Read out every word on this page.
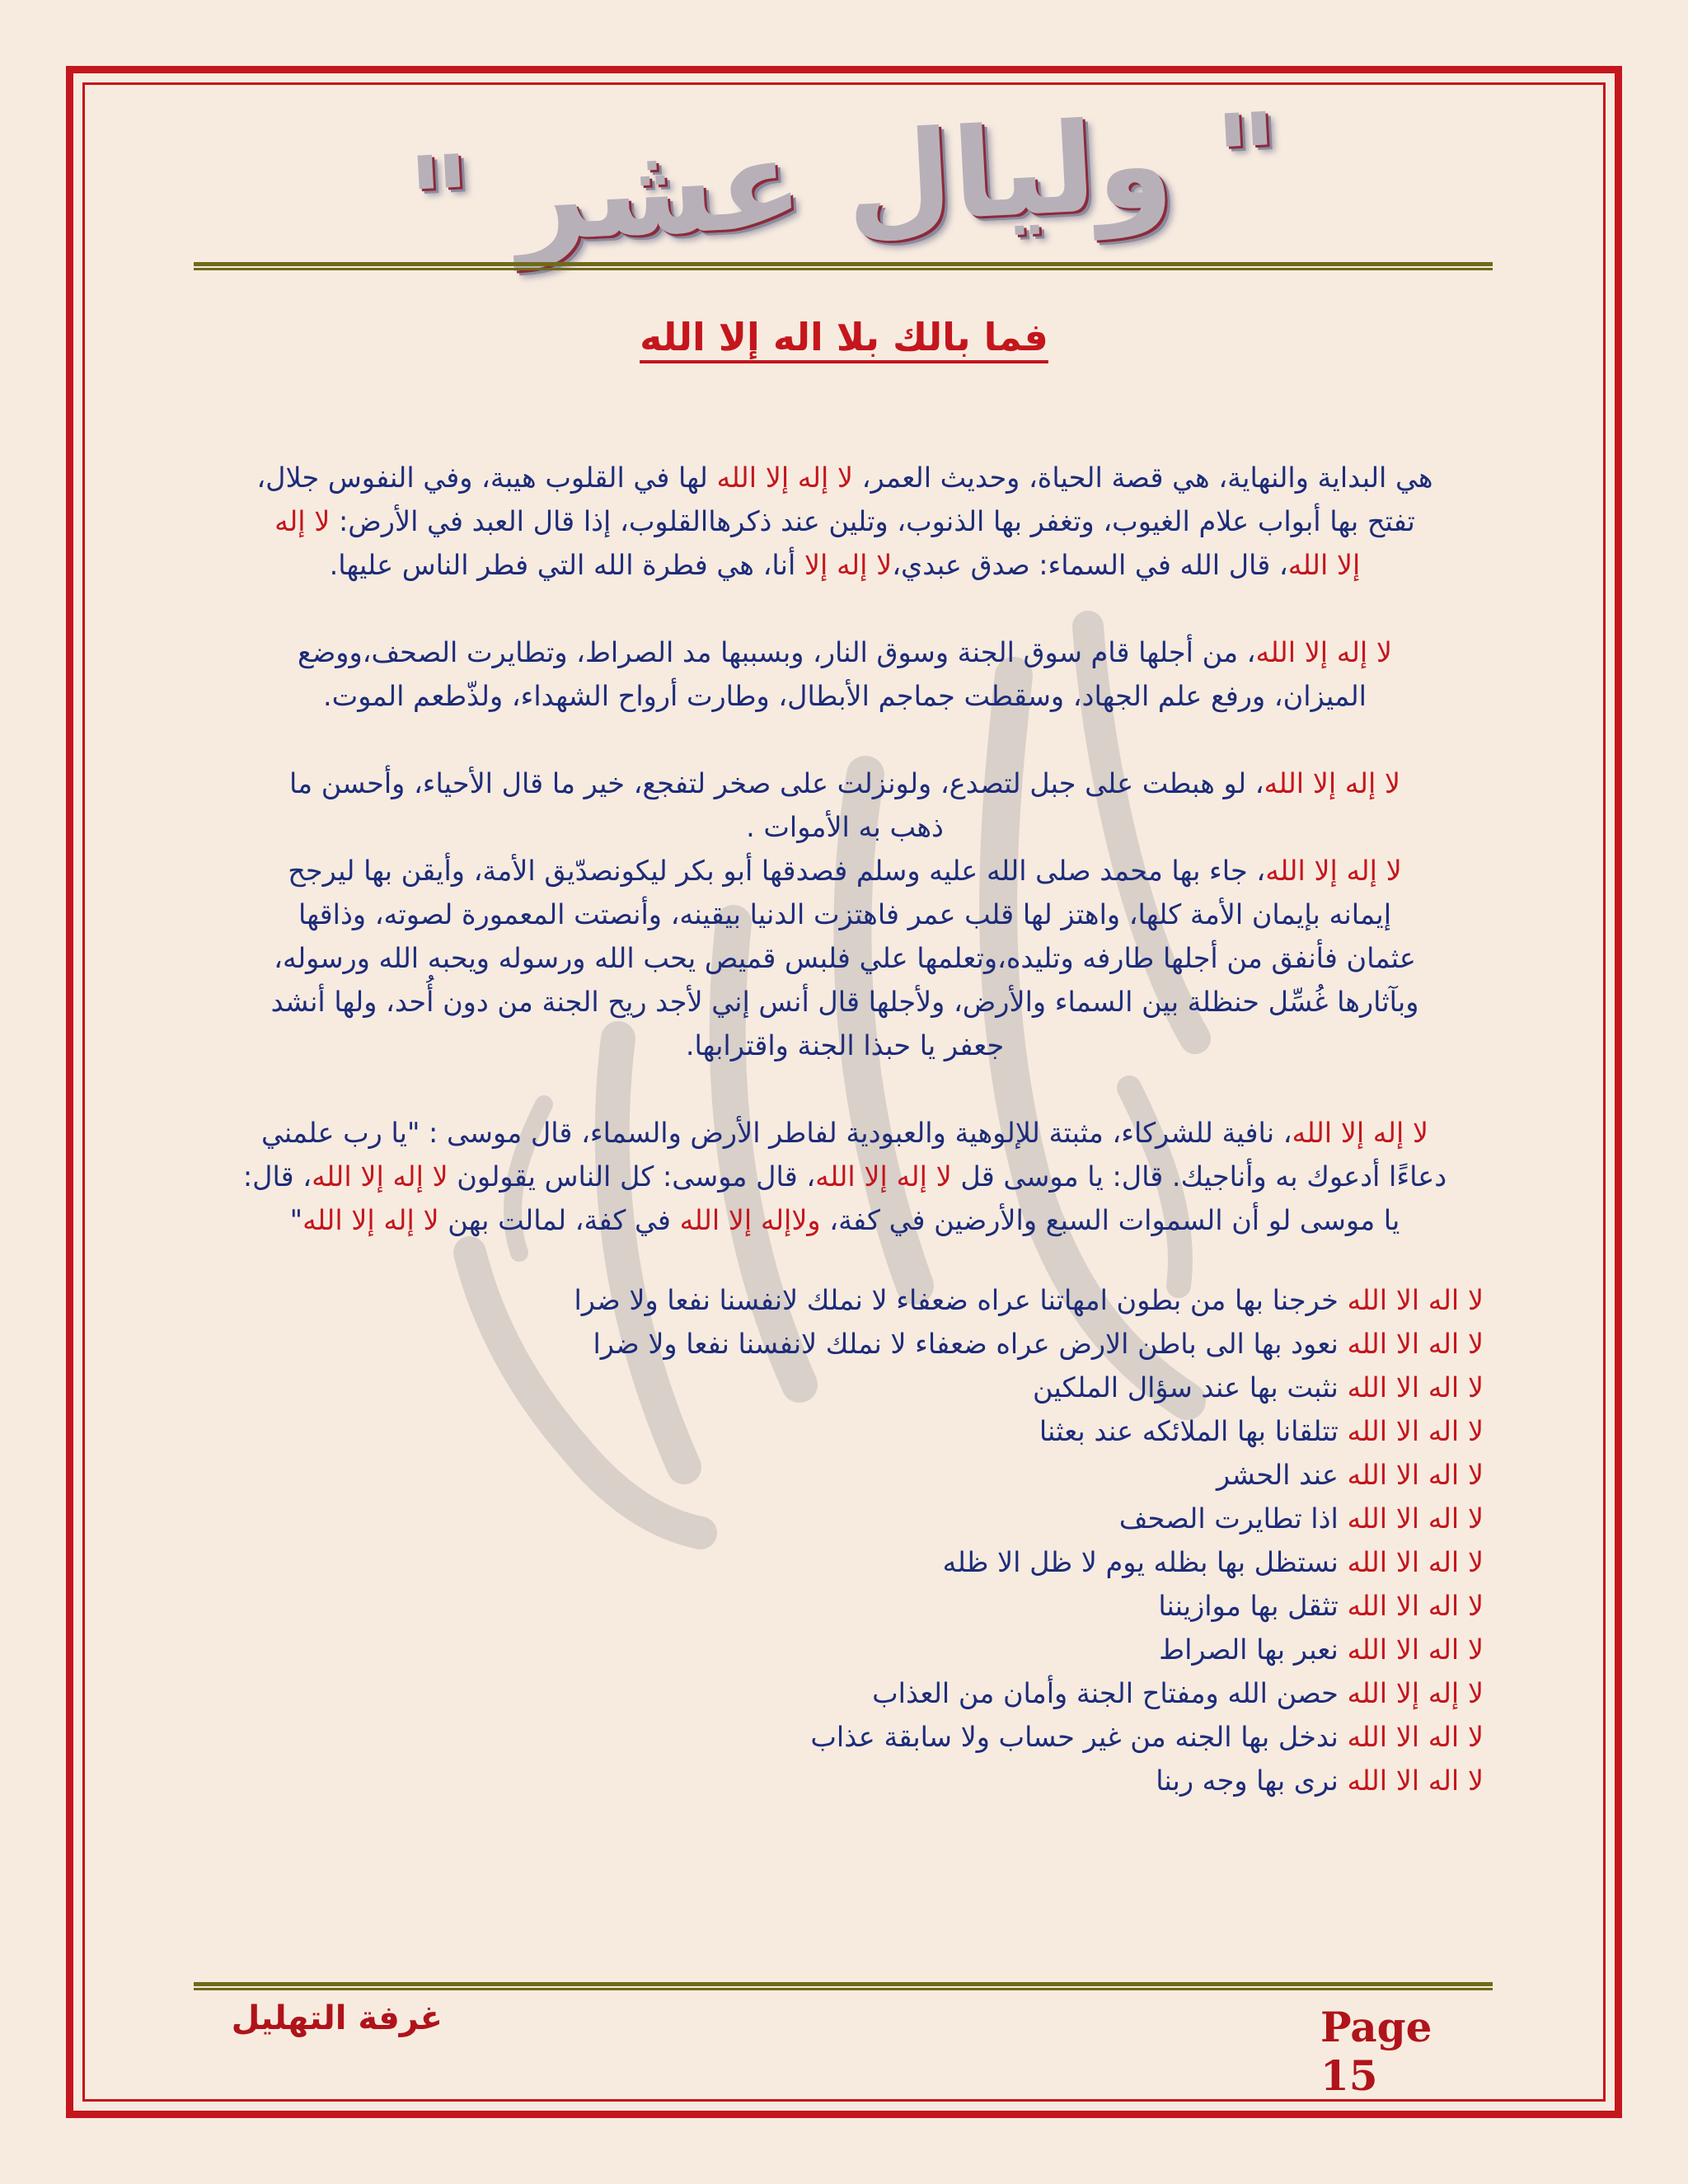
" وليال عشر "
فما بالك بلا اله إلا الله
هي البداية والنهاية، هي قصة الحياة، وحديث العمر، لا إله إلا الله لها في القلوب هيبة، وفي النفوس جلال،
تفتح بها أبواب علام الغيوب، وتغفر بها الذنوب، وتلين عند ذكرهاالقلوب، إذا قال العبد في الأرض: لا إله
إلا الله، قال الله في السماء: صدق عبدي،لا إله إلا أنا، هي فطرة الله التي فطر الناس عليها.
لا إله إلا الله، من أجلها قام سوق الجنة وسوق النار، وبسببها مد الصراط، وتطايرت الصحف،ووضع
الميزان، ورفع علم الجهاد، وسقطت جماجم الأبطال، وطارت أرواح الشهداء، ولذّطعم الموت.
لا إله إلا الله، لو هبطت على جبل لتصدع، ولونزلت على صخر لتفجع، خير ما قال الأحياء، وأحسن ما
ذهب به الأموات .
لا إله إلا الله، جاء بها محمد صلى الله عليه وسلم فصدقها أبو بكر ليكونصدّيق الأمة، وأيقن بها ليرجح
إيمانه بإيمان الأمة كلها، واهتز لها قلب عمر فاهتزت الدنيا بيقينه، وأنصتت المعمورة لصوته، وذاقها
عثمان فأنفق من أجلها طارفه وتليده،وتعلمها علي فلبس قميص يحب الله ورسوله ويحبه الله ورسوله،
وبآثارها غُسِّل حنظلة بين السماء والأرض، ولأجلها قال أنس إني لأجد ريح الجنة من دون أُحد، ولها أنشد
جعفر يا حبذا الجنة واقترابها.
لا إله إلا الله، نافية للشركاء، مثبتة للإلوهية والعبودية لفاطر الأرض والسماء، قال موسى : "يا رب علمني
دعاءًا أدعوك به وأناجيك. قال: يا موسى قل لا إله إلا الله، قال موسى: كل الناس يقولون لا إله إلا الله، قال:
يا موسى لو أن السموات السبع والأرضين في كفة، ولاإله إلا الله في كفة، لمالت بهن لا إله إلا الله"
لا اله الا الله خرجنا بها من بطون امهاتنا عراه ضعفاء لا نملك لانفسنا نفعا ولا ضرا
لا اله الا الله نعود بها الى باطن الارض عراه ضعفاء لا نملك لانفسنا نفعا ولا ضرا
لا اله الا الله نثبت بها عند سؤال الملكين
لا اله الا الله تتلقانا بها الملائكه عند بعثنا
لا اله الا الله عند الحشر
لا اله الا الله اذا تطايرت الصحف
لا اله الا الله نستظل بها بظله يوم لا ظل الا ظله
لا اله الا الله تثقل بها موازيننا
لا اله الا الله نعبر بها الصراط
لا إله إلا الله حصن الله ومفتاح الجنة وأمان من العذاب
لا اله الا الله ندخل بها الجنه من غير حساب ولا سابقة عذاب
لا اله الا الله نرى بها وجه ربنا
Page 15
غرفة التهليل
